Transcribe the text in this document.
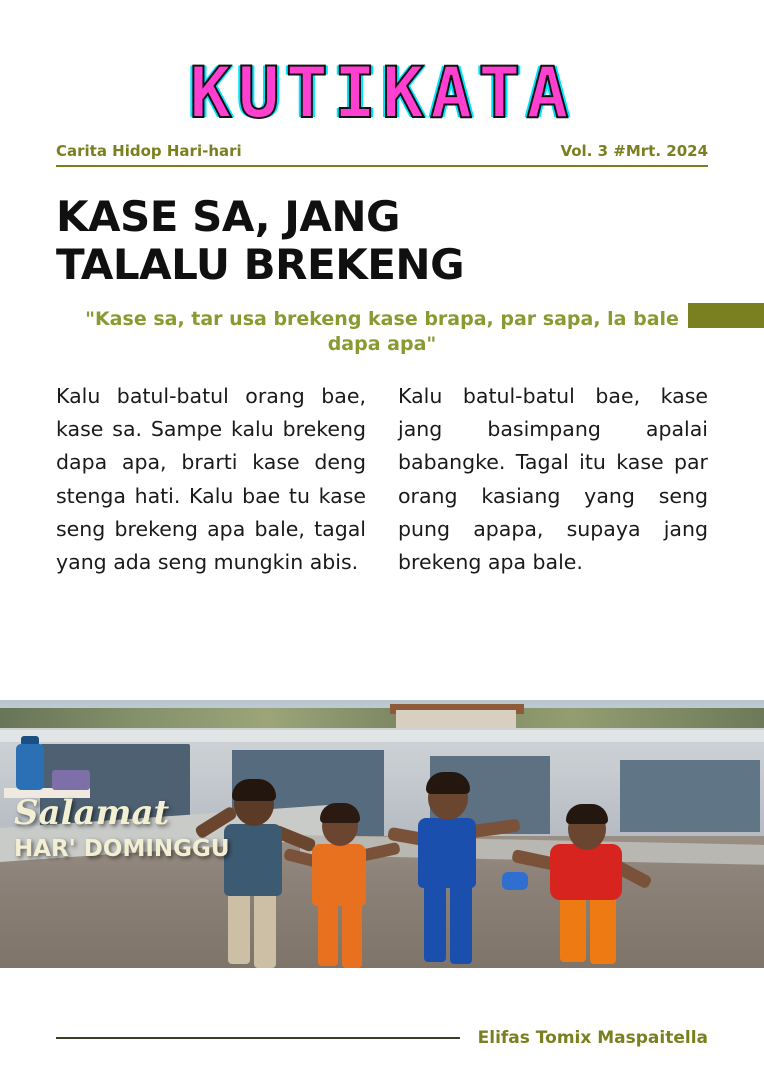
KUTIKATA
Carita Hidop Hari-hari	Vol. 3 #Mrt. 2024
KASE SA, JANG
TALALU BREKENG
"Kase sa, tar usa brekeng kase brapa, par sapa, la bale dapa apa"
Kalu batul-batul orang bae, kase sa. Sampe kalu brekeng dapa apa, brarti kase deng stenga hati. Kalu bae tu kase seng brekeng apa bale, tagal yang ada seng mungkin abis.
Kalu batul-batul bae, kase jang basimpang apalai babangke. Tagal itu kase par orang kasiang yang seng pung apapa, supaya jang brekeng apa bale.
Salamat
HAR' DOMINGGU
Elifas Tomix Maspaitella
